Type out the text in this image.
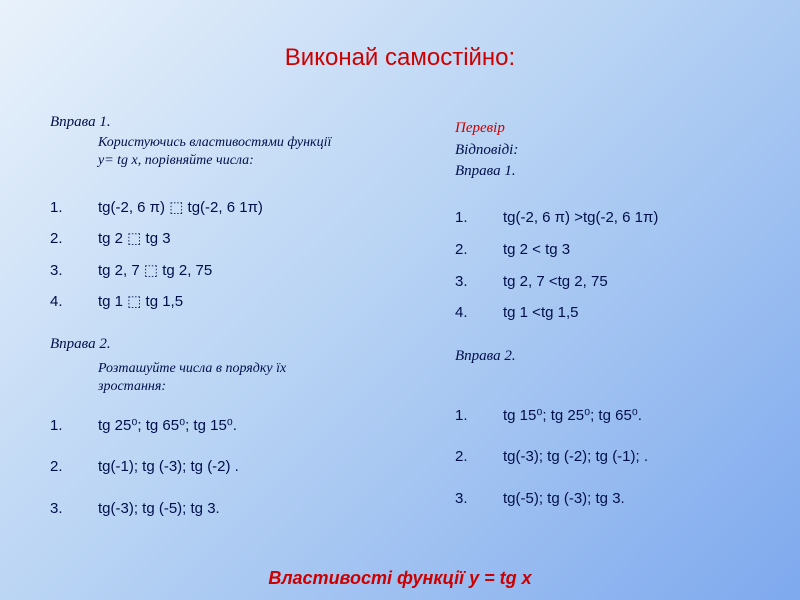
Виконай самостійно:
Вправа 1.
Користуючись властивостями функції
y= tg x, порівняйте числа:
1. tg(-2, 6 π) ⬚ tg(-2, 6 1π)
2. tg 2 ⬚ tg 3
3. tg 2, 7 ⬚ tg 2, 75
4. tg 1 ⬚ tg 1,5
Вправа 2.
Розташуйте числа в порядку їх
зростання:
1. tg 25⁰; tg 65⁰; tg 15⁰.
2. tg(-1); tg (-3); tg (-2) .
3. tg(-3); tg (-5); tg 3.
Перевір
Відповіді:
Вправа 1.
1. tg(-2, 6 π) >tg(-2, 6 1π)
2. tg 2 < tg 3
3. tg 2, 7 <tg 2, 75
4. tg 1 <tg 1,5
Вправа 2.
1. tg 15⁰; tg 25⁰; tg 65⁰.
2. tg(-3); tg (-2); tg (-1); .
3. tg(-5); tg (-3); tg 3.
Властивості функції y = tg x
